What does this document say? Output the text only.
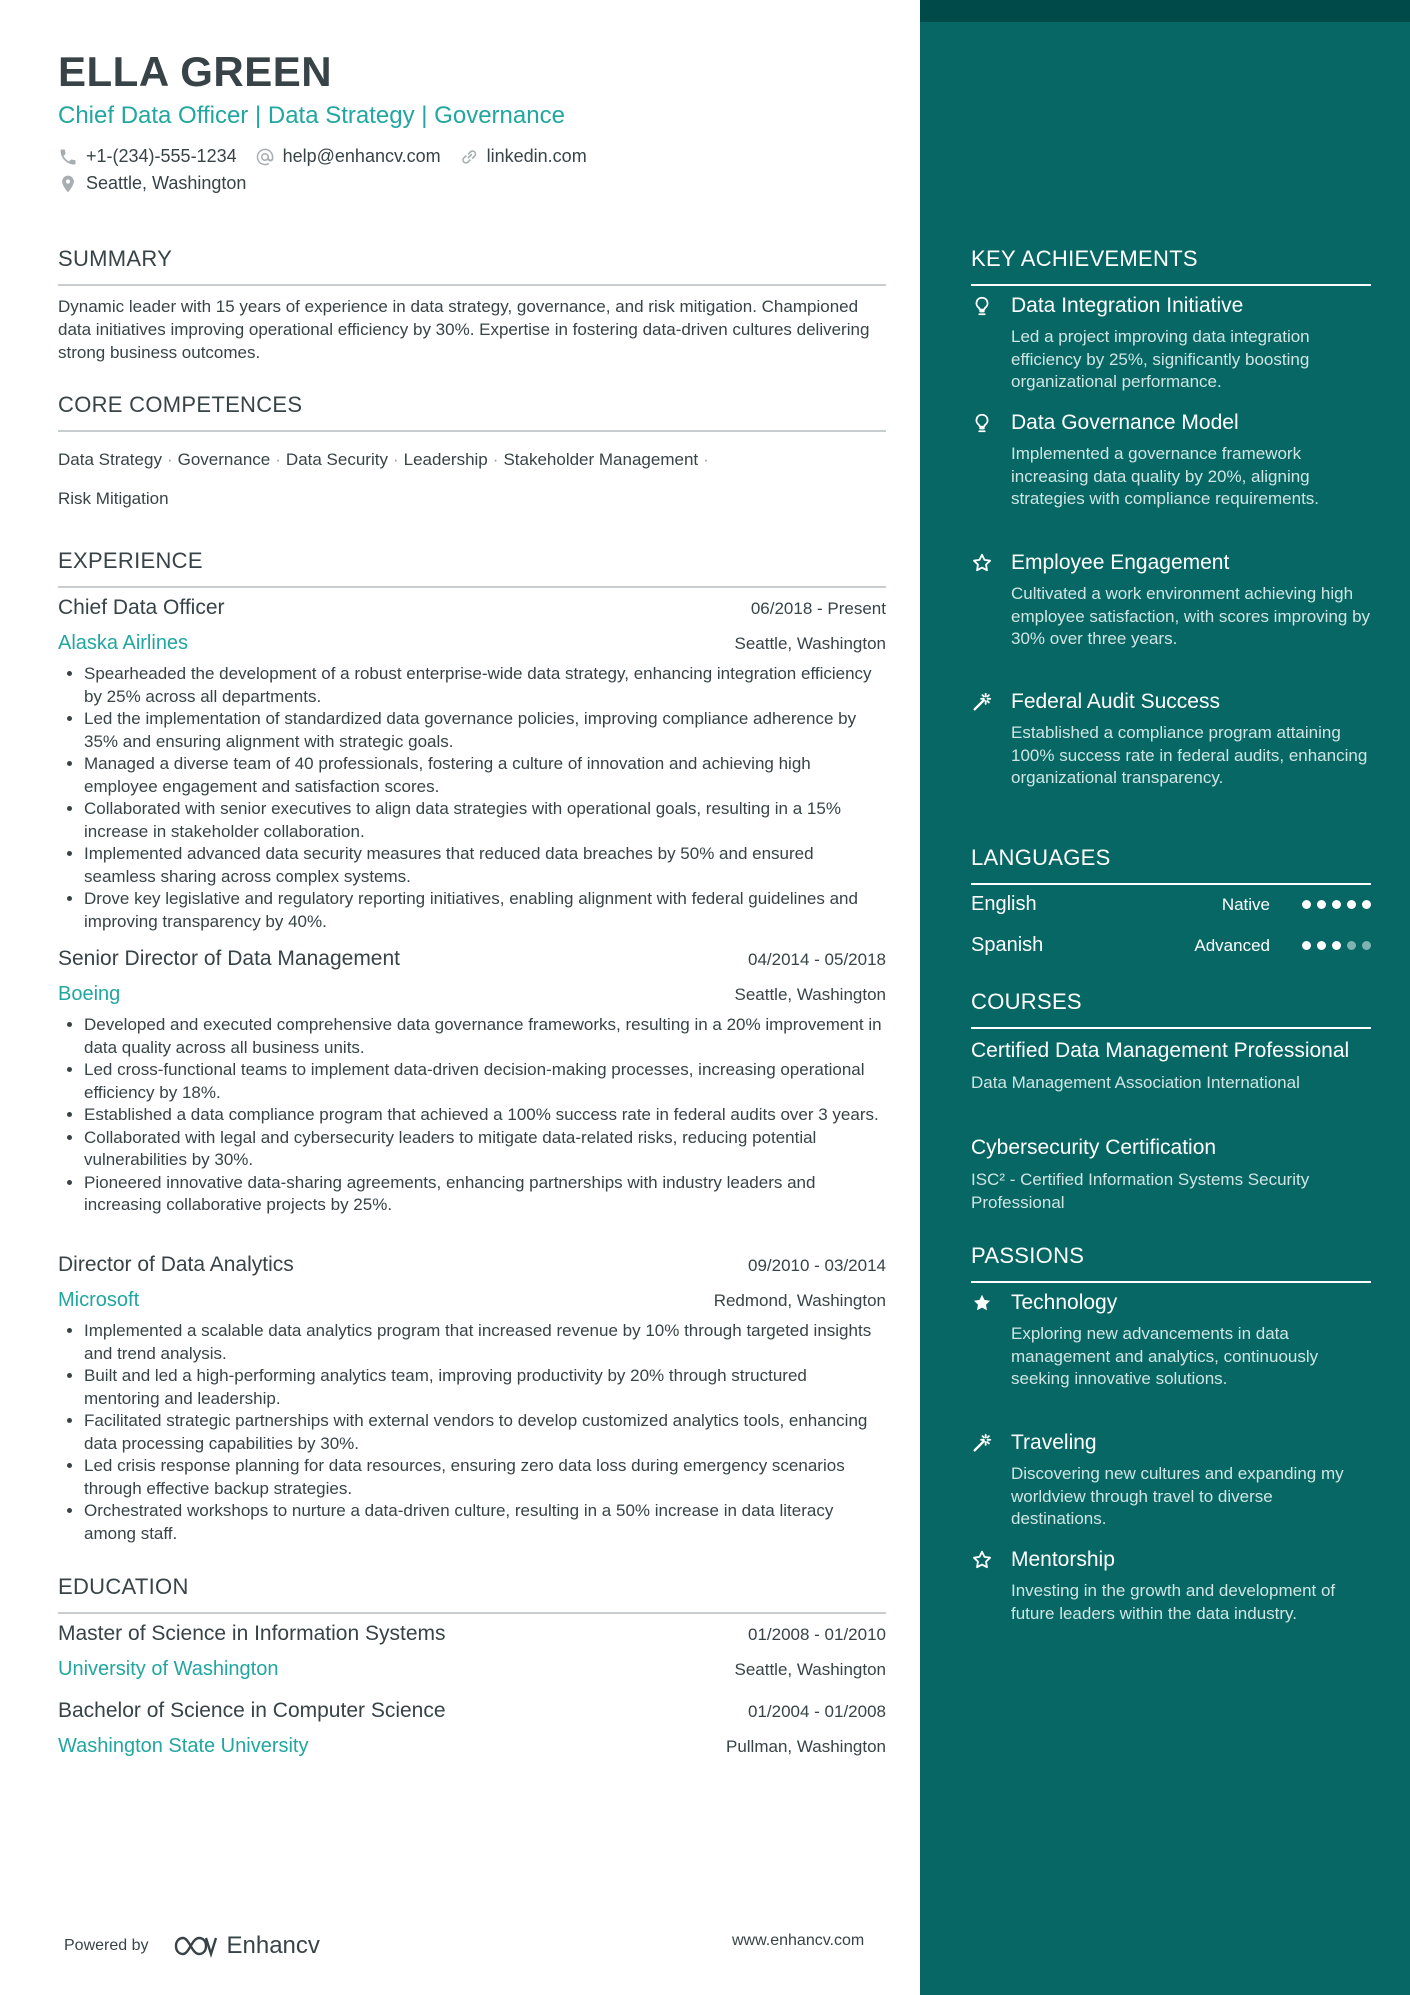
ELLA GREEN
Chief Data Officer | Data Strategy | Governance
+1-(234)-555-1234	help@enhancv.com	linkedin.com
Seattle, Washington
SUMMARY
Dynamic leader with 15 years of experience in data strategy, governance, and risk mitigation. Championed data initiatives improving operational efficiency by 30%. Expertise in fostering data-driven cultures delivering strong business outcomes.
CORE COMPETENCES
Data Strategy · Governance · Data Security · Leadership · Stakeholder Management ·
Risk Mitigation
EXPERIENCE
Chief Data Officer	06/2018 - Present
Alaska Airlines	Seattle, Washington
• Spearheaded the development of a robust enterprise-wide data strategy, enhancing integration efficiency by 25% across all departments.
• Led the implementation of standardized data governance policies, improving compliance adherence by 35% and ensuring alignment with strategic goals.
• Managed a diverse team of 40 professionals, fostering a culture of innovation and achieving high employee engagement and satisfaction scores.
• Collaborated with senior executives to align data strategies with operational goals, resulting in a 15% increase in stakeholder collaboration.
• Implemented advanced data security measures that reduced data breaches by 50% and ensured seamless sharing across complex systems.
• Drove key legislative and regulatory reporting initiatives, enabling alignment with federal guidelines and improving transparency by 40%.
Senior Director of Data Management	04/2014 - 05/2018
Boeing	Seattle, Washington
• Developed and executed comprehensive data governance frameworks, resulting in a 20% improvement in data quality across all business units.
• Led cross-functional teams to implement data-driven decision-making processes, increasing operational efficiency by 18%.
• Established a data compliance program that achieved a 100% success rate in federal audits over 3 years.
• Collaborated with legal and cybersecurity leaders to mitigate data-related risks, reducing potential vulnerabilities by 30%.
• Pioneered innovative data-sharing agreements, enhancing partnerships with industry leaders and increasing collaborative projects by 25%.
Director of Data Analytics	09/2010 - 03/2014
Microsoft	Redmond, Washington
• Implemented a scalable data analytics program that increased revenue by 10% through targeted insights and trend analysis.
• Built and led a high-performing analytics team, improving productivity by 20% through structured mentoring and leadership.
• Facilitated strategic partnerships with external vendors to develop customized analytics tools, enhancing data processing capabilities by 30%.
• Led crisis response planning for data resources, ensuring zero data loss during emergency scenarios through effective backup strategies.
• Orchestrated workshops to nurture a data-driven culture, resulting in a 50% increase in data literacy among staff.
EDUCATION
Master of Science in Information Systems	01/2008 - 01/2010
University of Washington	Seattle, Washington
Bachelor of Science in Computer Science	01/2004 - 01/2008
Washington State University	Pullman, Washington
Powered by	Enhancv	www.enhancv.com
KEY ACHIEVEMENTS
Data Integration Initiative
Led a project improving data integration efficiency by 25%, significantly boosting organizational performance.
Data Governance Model
Implemented a governance framework increasing data quality by 20%, aligning strategies with compliance requirements.
Employee Engagement
Cultivated a work environment achieving high employee satisfaction, with scores improving by 30% over three years.
Federal Audit Success
Established a compliance program attaining 100% success rate in federal audits, enhancing organizational transparency.
LANGUAGES
English	Native
Spanish	Advanced
COURSES
Certified Data Management Professional
Data Management Association International
Cybersecurity Certification
ISC² - Certified Information Systems Security Professional
PASSIONS
Technology
Exploring new advancements in data management and analytics, continuously seeking innovative solutions.
Traveling
Discovering new cultures and expanding my worldview through travel to diverse destinations.
Mentorship
Investing in the growth and development of future leaders within the data industry.
